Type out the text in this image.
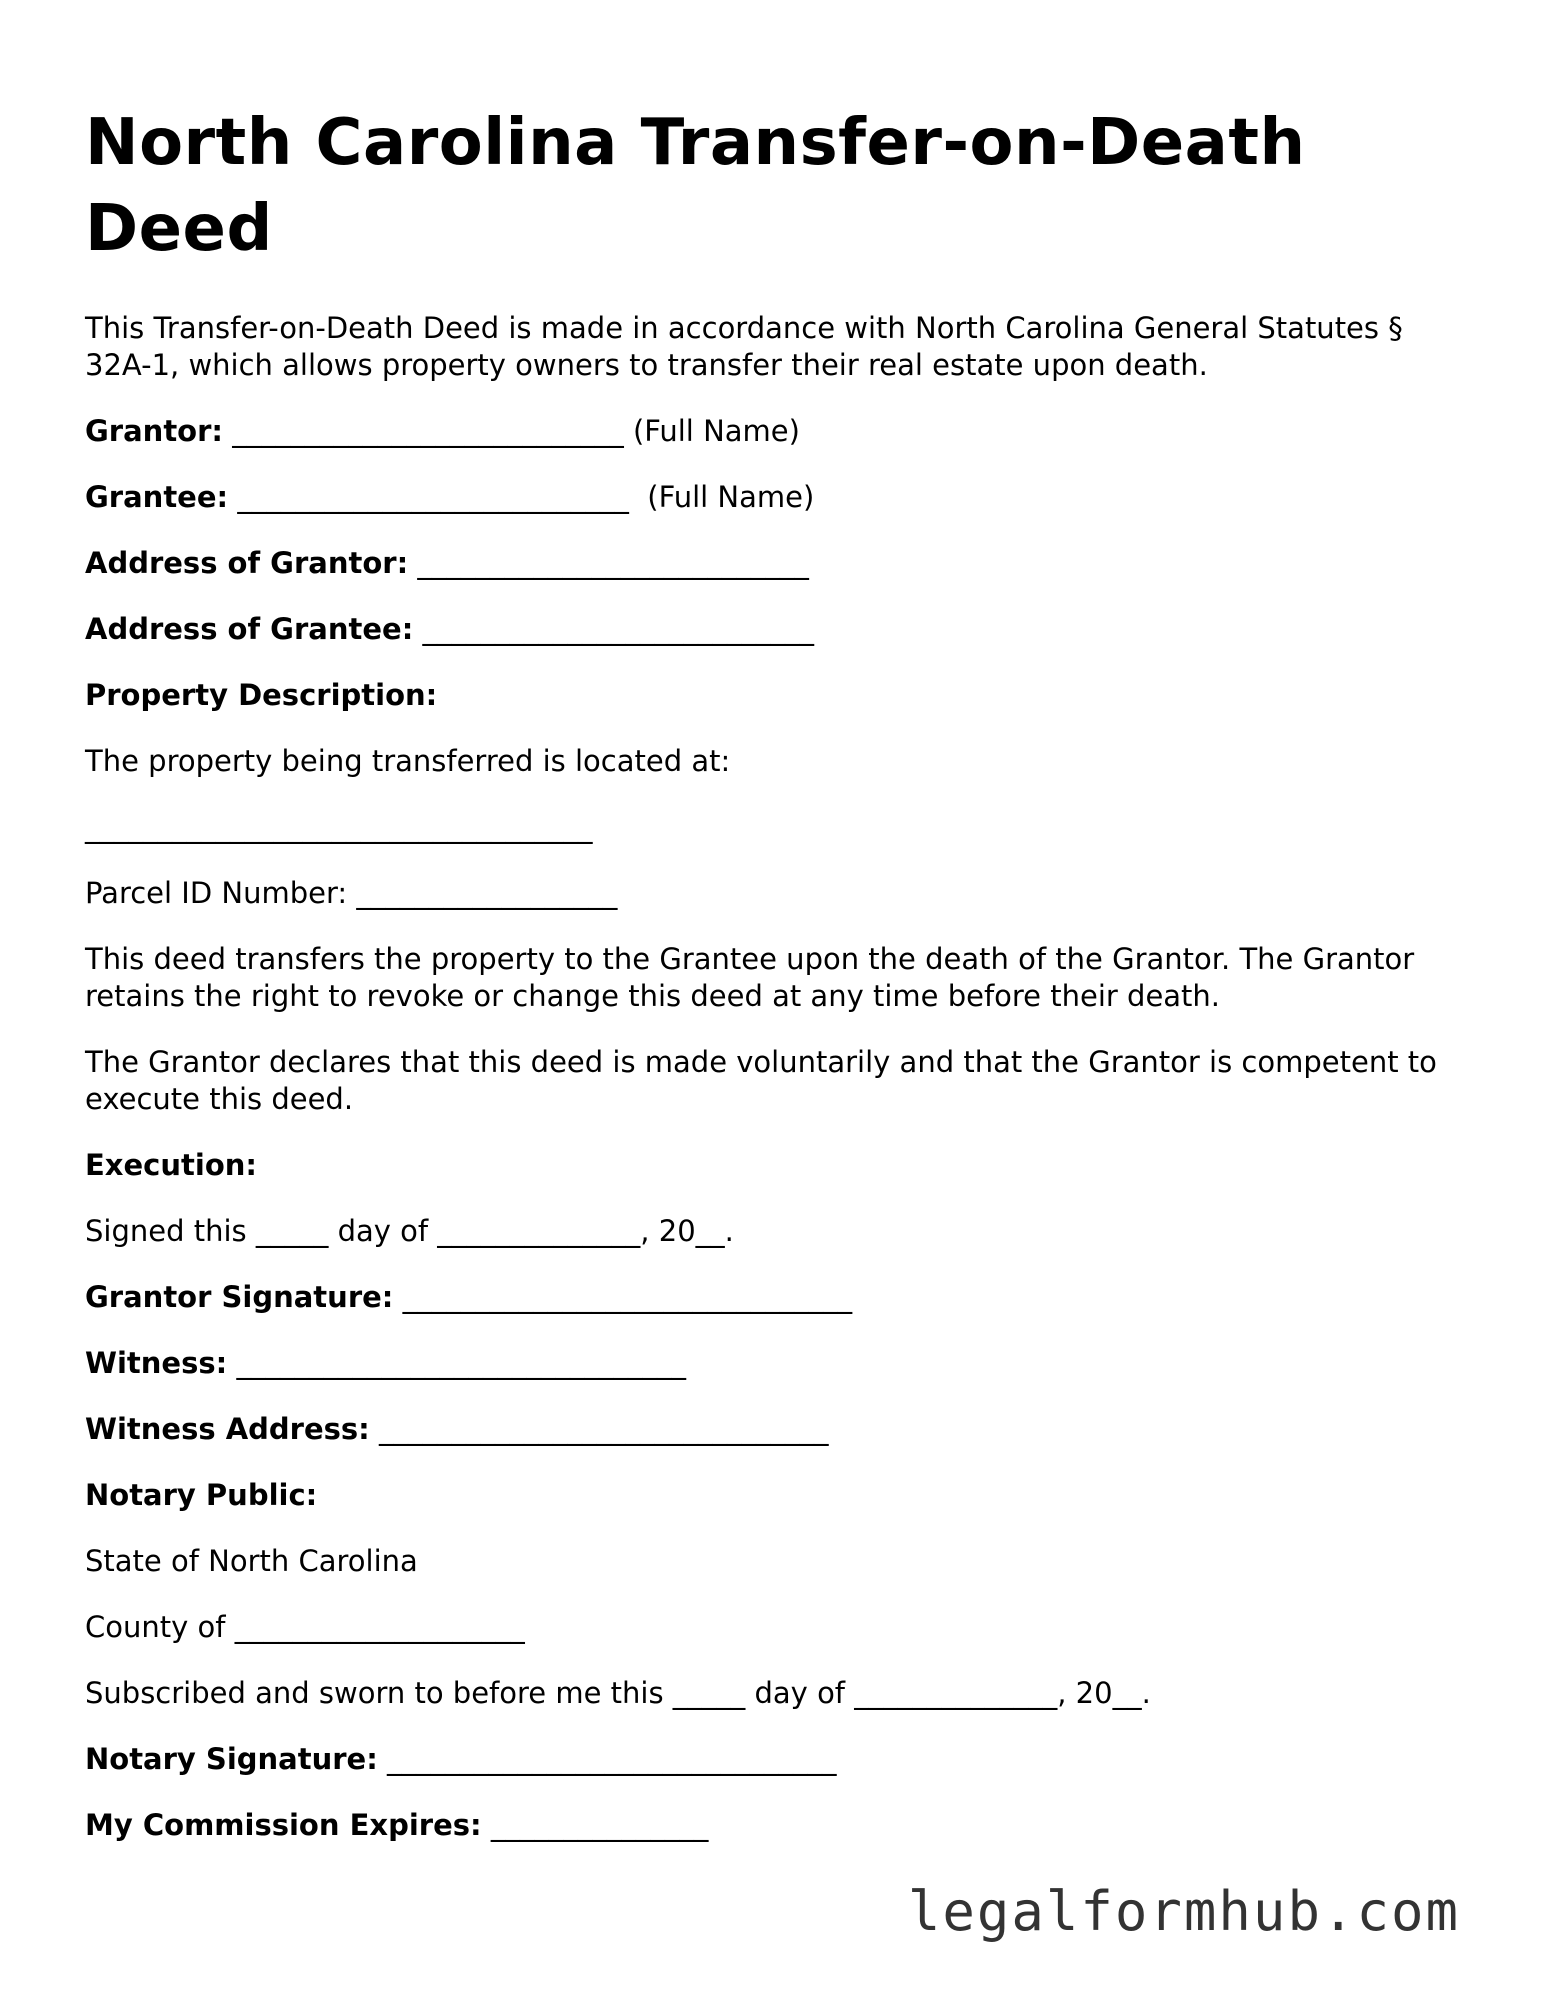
North Carolina Transfer-on-Death Deed
This Transfer-on-Death Deed is made in accordance with North Carolina General Statutes § 32A-1, which allows property owners to transfer their real estate upon death.
Grantor: ___________________________ (Full Name)
Grantee: ___________________________  (Full Name)
Address of Grantor: ___________________________
Address of Grantee: ___________________________
Property Description:
The property being transferred is located at:
___________________________________
Parcel ID Number: __________________
This deed transfers the property to the Grantee upon the death of the Grantor. The Grantor retains the right to revoke or change this deed at any time before their death.
The Grantor declares that this deed is made voluntarily and that the Grantor is competent to execute this deed.
Execution:
Signed this _____ day of ______________, 20__.
Grantor Signature: _______________________________
Witness: _______________________________
Witness Address: _______________________________
Notary Public:
State of North Carolina
County of ____________________
Subscribed and sworn to before me this _____ day of ______________, 20__.
Notary Signature: _______________________________
My Commission Expires: _______________
legalformhub.com
